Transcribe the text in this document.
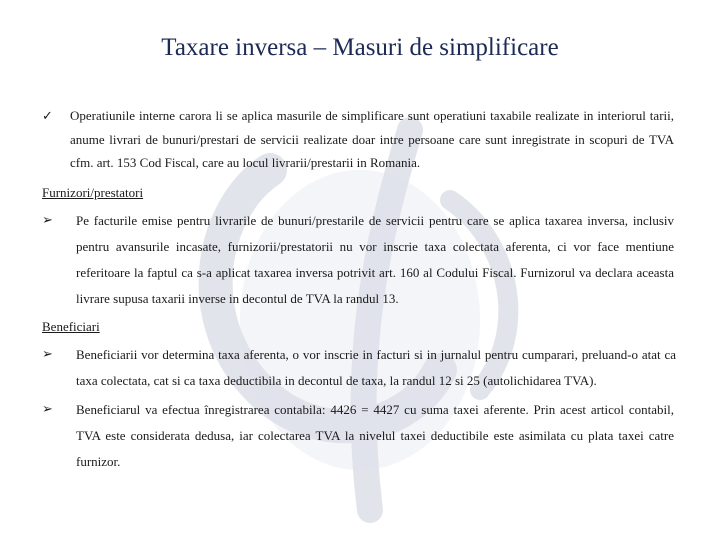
Taxare inversa – Masuri de simplificare
✓ Operatiunile interne carora li se aplica masurile de simplificare sunt operatiuni taxabile realizate in interiorul tarii, anume livrari de bunuri/prestari de servicii realizate doar intre persoane care sunt inregistrate in scopuri de TVA cfm. art. 153 Cod Fiscal, care au locul livrarii/prestarii in Romania.
Furnizori/prestatori
➢ Pe facturile emise pentru livrarile de bunuri/prestarile de servicii pentru care se aplica taxarea inversa, inclusiv pentru avansurile incasate, furnizorii/prestatorii nu vor inscrie taxa colectata aferenta, ci vor face mentiune referitoare la faptul ca s-a aplicat taxarea inversa potrivit art. 160 al Codului Fiscal. Furnizorul va declara aceasta livrare supusa taxarii inverse in decontul de TVA la randul 13.
Beneficiari
➢ Beneficiarii vor determina taxa aferenta, o vor inscrie in facturi si in jurnalul pentru cumparari, preluand-o atat ca taxa colectata, cat si ca taxa deductibila in decontul de taxa, la randul 12 si 25 (autolichidarea TVA).
➢ Beneficiarul va efectua înregistrarea contabila: 4426 = 4427 cu suma taxei aferente. Prin acest articol contabil, TVA este considerata dedusa, iar colectarea TVA la nivelul taxei deductibile este asimilata cu plata taxei catre furnizor.
